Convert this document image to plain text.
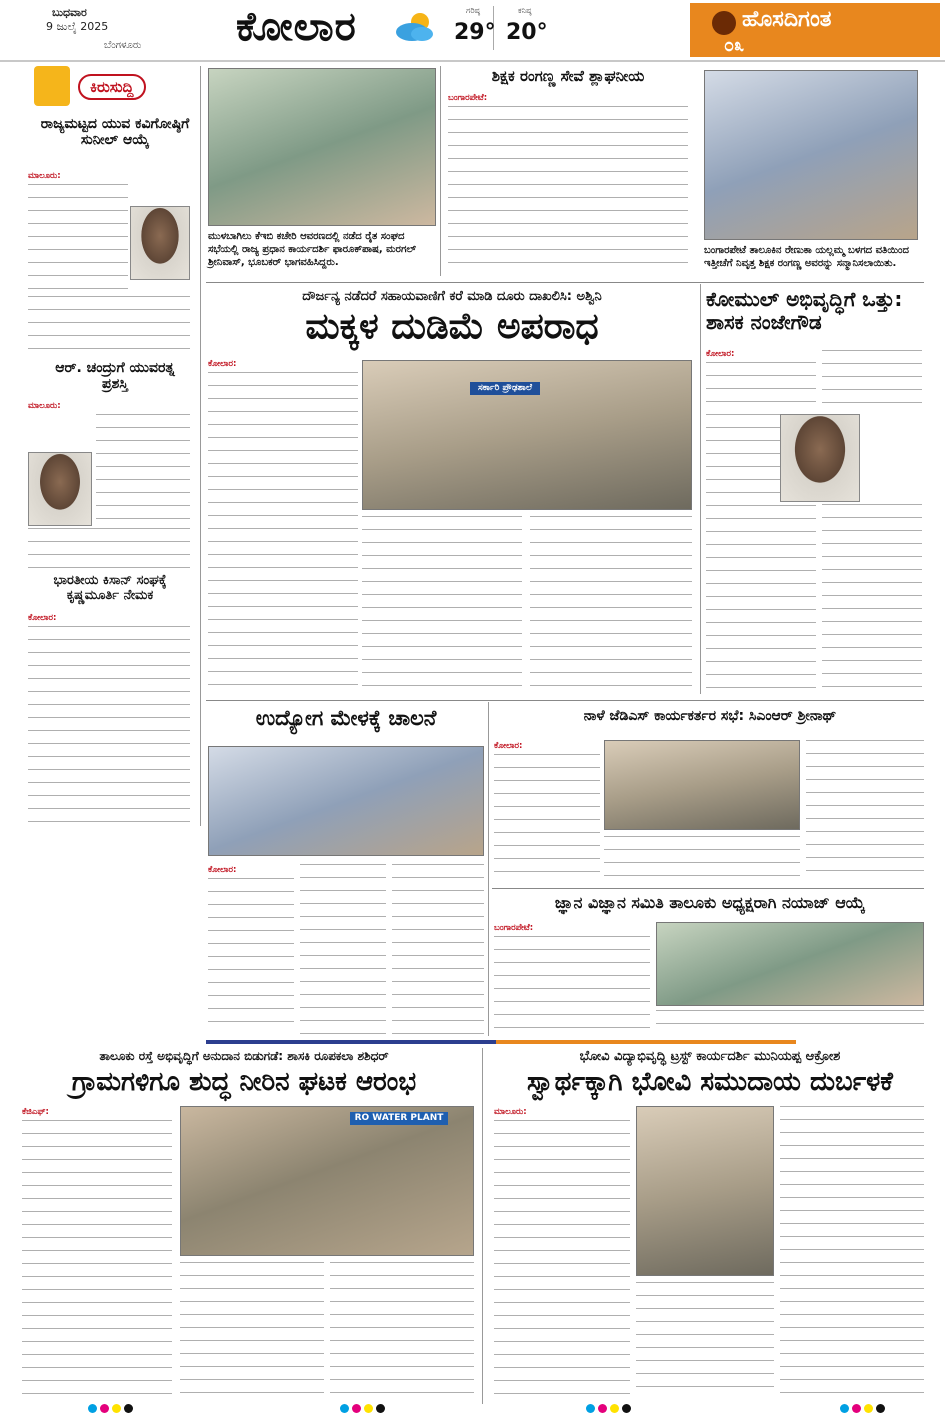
ಬುಧವಾರ
9 ಜುಲೈ 2025
ಬೆಂಗಳೂರು ಕೋಲಾರ	ಗರಿಷ್ಠ
29°
ಕನಿಷ್ಠ
20°
ಹೊಸದಿಗಂತ
೦೩
ಕಿರುಸುದ್ದಿ
ರಾಜ್ಯಮಟ್ಟದ ಯುವ ಕವಿಗೋಷ್ಠಿಗೆ ಸುನೀಲ್ ಆಯ್ಕೆ
ಮಾಲೂರು:
ಆರ್. ಚಂದ್ರುಗೆ ಯುವರತ್ನ ಪ್ರಶಸ್ತಿ
ಮಾಲೂರು:
ಭಾರತೀಯ ಕಿಸಾನ್ ಸಂಘಕ್ಕೆ ಕೃಷ್ಣಮೂರ್ತಿ ನೇಮಕ
ಕೋಲಾರ:
ಮುಳಬಾಗಿಲು ಕೆಇಬಿ ಕಚೇರಿ ಆವರಣದಲ್ಲಿ ನಡೆದ ರೈತ ಸಂಘದ ಸಭೆಯಲ್ಲಿ ರಾಜ್ಯ ಪ್ರಧಾನ ಕಾರ್ಯದರ್ಶಿ ಫಾರೂಕ್‌ಪಾಷ, ಮರಗಲ್ ಶ್ರೀನಿವಾಸ್, ಭೂಬಕರ್ ಭಾಗವಹಿಸಿದ್ದರು.
ಶಿಕ್ಷಕ ರಂಗಣ್ಣ ಸೇವೆ ಶ್ಲಾಘನೀಯ
ಬಂಗಾರಪೇಟೆ:
ಬಂಗಾರಪೇಟೆ ತಾಲೂಕಿನ ರೇಣುಕಾ ಯಲ್ಲಮ್ಮ ಬಳಗದ ವತಿಯಿಂದ ಇತ್ತೀಚೆಗೆ ನಿವೃತ್ತ ಶಿಕ್ಷಕ ರಂಗಣ್ಣ ಅವರನ್ನು ಸನ್ಮಾನಿಸಲಾಯಿತು.
ದೌರ್ಜನ್ಯ ನಡೆದರೆ ಸಹಾಯವಾಣಿಗೆ ಕರೆ ಮಾಡಿ ದೂರು ದಾಖಲಿಸಿ: ಅಶ್ವಿನಿ
ಮಕ್ಕಳ ದುಡಿಮೆ ಅಪರಾಧ
ಕೋಲಾರ:
ಸರ್ಕಾರಿ ಪ್ರೌಢಶಾಲೆ
ಕೋಮುಲ್ ಅಭಿವೃದ್ಧಿಗೆ ಒತ್ತು: ಶಾಸಕ ನಂಜೇಗೌಡ
ಕೋಲಾರ:
ಉದ್ಯೋಗ ಮೇಳಕ್ಕೆ ಚಾಲನೆ
ಕೋಲಾರ:
ನಾಳೆ ಜೆಡಿಎಸ್ ಕಾರ್ಯಕರ್ತರ ಸಭೆ: ಸಿಎಂಆರ್ ಶ್ರೀನಾಥ್
ಕೋಲಾರ:
ಜ್ಞಾನ ವಿಜ್ಞಾನ ಸಮಿತಿ ತಾಲೂಕು ಅಧ್ಯಕ್ಷರಾಗಿ ನಯಾಜ್ ಆಯ್ಕೆ
ಬಂಗಾರಪೇಟೆ:
ತಾಲೂಕು ರಸ್ತೆ ಅಭಿವೃದ್ಧಿಗೆ ಅನುದಾನ ಬಿಡುಗಡೆ: ಶಾಸಕಿ ರೂಪಕಲಾ ಶಶಿಧರ್
ಗ್ರಾಮಗಳಿಗೂ ಶುದ್ಧ ನೀರಿನ ಘಟಕ ಆರಂಭ
ಕೆಜಿಎಫ್:
RO WATER PLANT
ಭೋವಿ ವಿದ್ಯಾಭಿವೃದ್ಧಿ ಟ್ರಸ್ಟ್ ಕಾರ್ಯದರ್ಶಿ ಮುನಿಯಪ್ಪ ಆಕ್ರೋಶ
ಸ್ವಾರ್ಥಕ್ಕಾಗಿ ಭೋವಿ ಸಮುದಾಯ ದುರ್ಬಳಕೆ
ಮಾಲೂರು:
